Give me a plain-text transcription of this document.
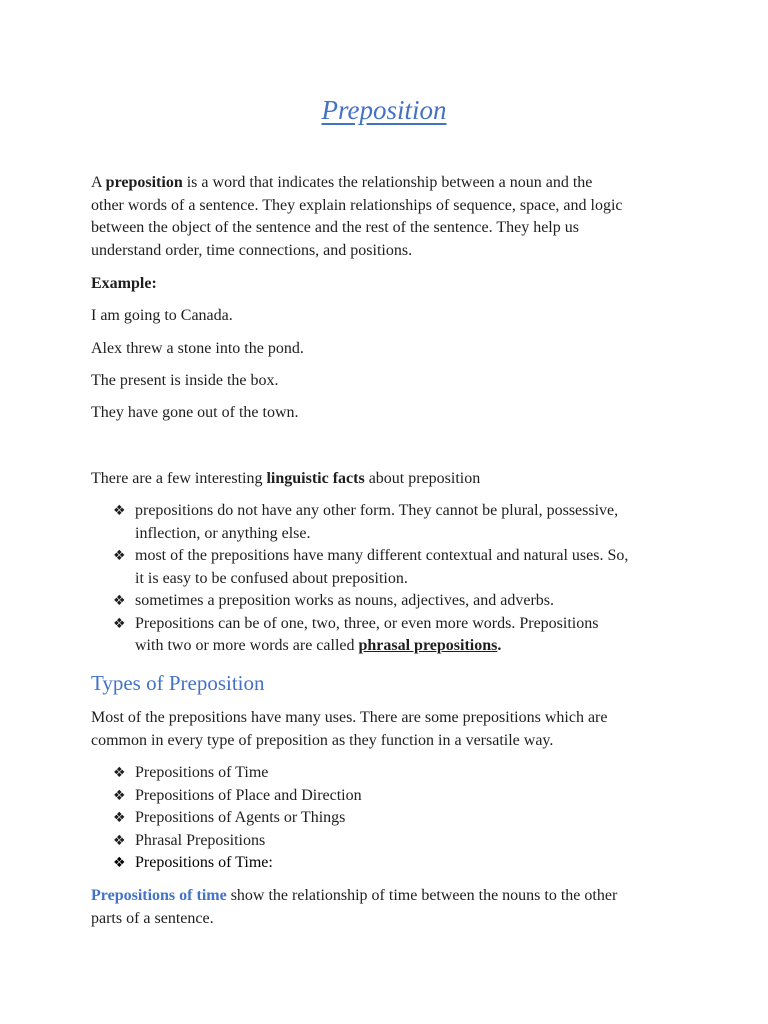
Preposition
A preposition is a word that indicates the relationship between a noun and the
other words of a sentence. They explain relationships of sequence, space, and logic
between the object of the sentence and the rest of the sentence. They help us
understand order, time connections, and positions.
Example:
I am going to Canada.
Alex threw a stone into the pond.
The present is inside the box.
They have gone out of the town.
There are a few interesting linguistic facts about preposition
❖ prepositions do not have any other form. They cannot be plural, possessive,
inflection, or anything else.
❖ most of the prepositions have many different contextual and natural uses. So,
it is easy to be confused about preposition.
❖ sometimes a preposition works as nouns, adjectives, and adverbs.
❖ Prepositions can be of one, two, three, or even more words. Prepositions
with two or more words are called phrasal prepositions.
Types of Preposition
Most of the prepositions have many uses. There are some prepositions which are
common in every type of preposition as they function in a versatile way.
❖ Prepositions of Time
❖ Prepositions of Place and Direction
❖ Prepositions of Agents or Things
❖ Phrasal Prepositions
❖ Prepositions of Time:
Prepositions of time show the relationship of time between the nouns to the other
parts of a sentence.
